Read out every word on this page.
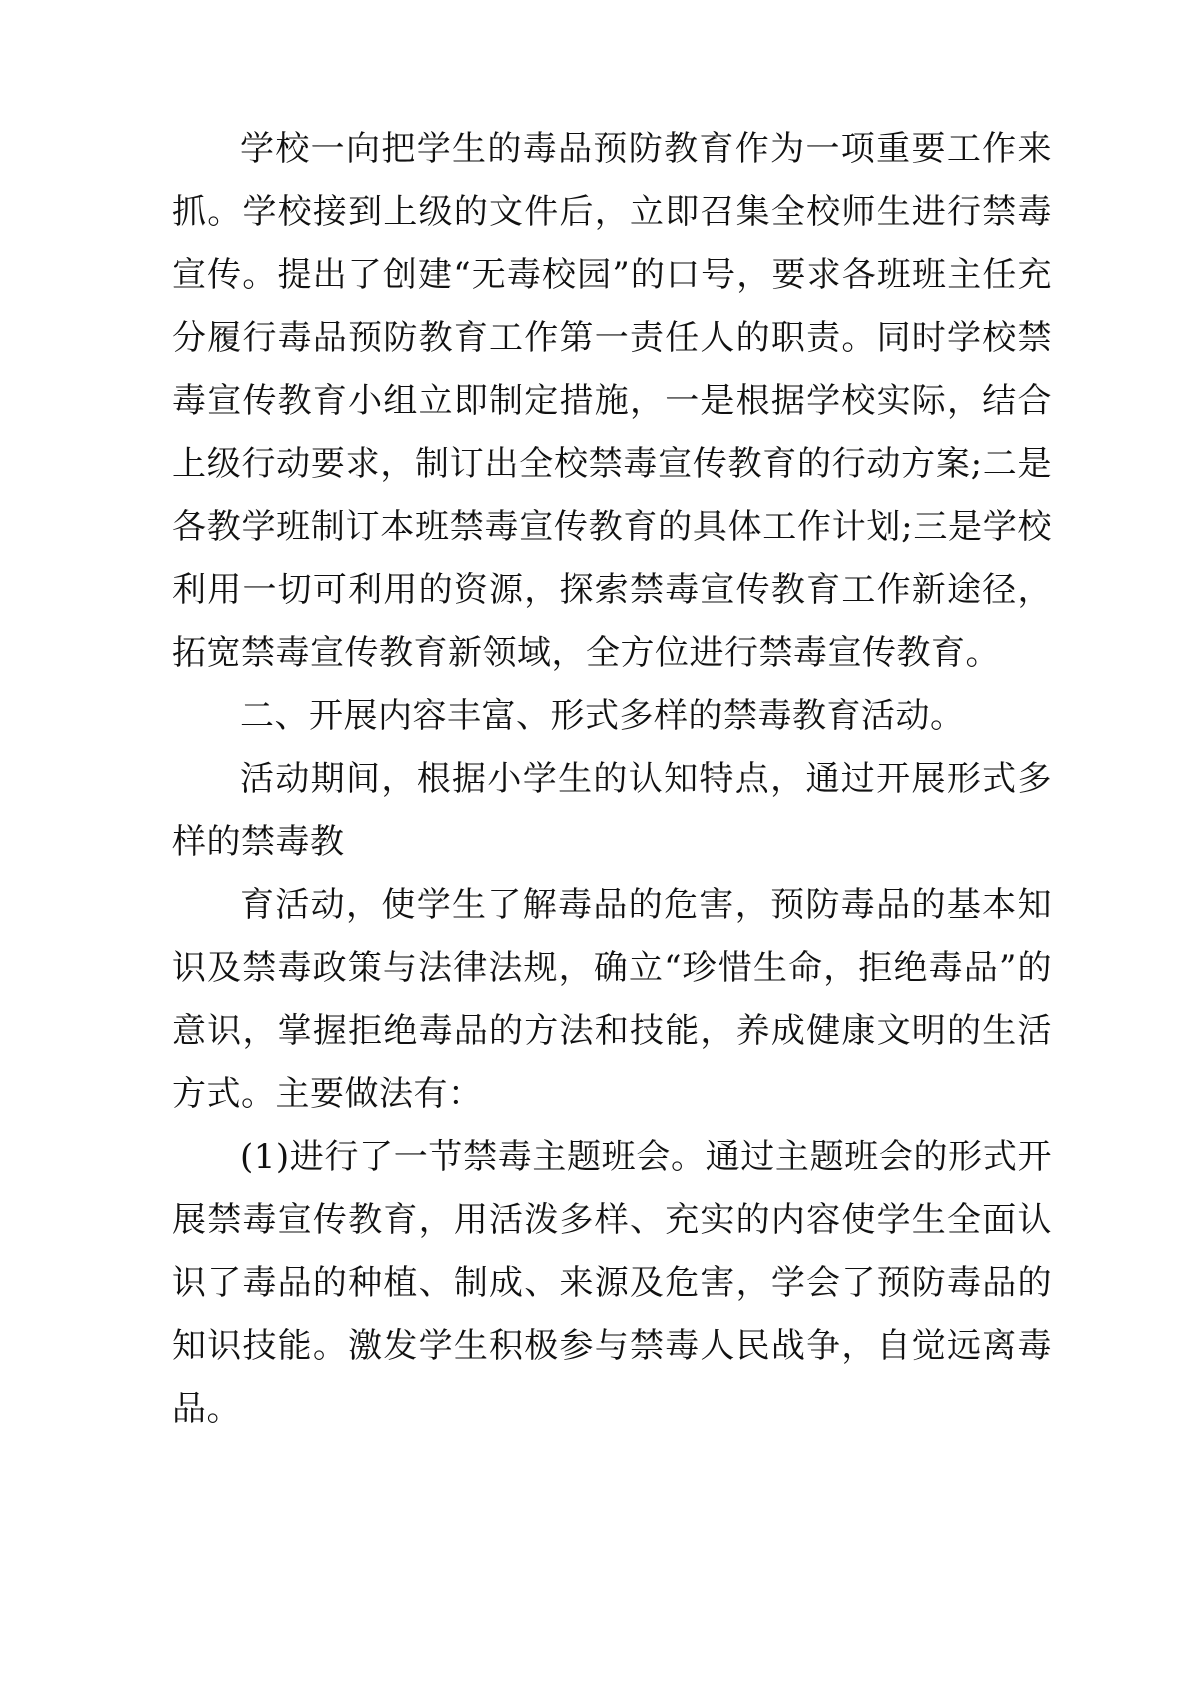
学校一向把学生的毒品预防教育作为一项重要工作来抓。学校接到上级的文件后，立即召集全校师生进行禁毒宣传。提出了创建“无毒校园”的口号，要求各班班主任充分履行毒品预防教育工作第一责任人的职责。同时学校禁毒宣传教育小组立即制定措施，一是根据学校实际，结合上级行动要求，制订出全校禁毒宣传教育的行动方案;二是各教学班制订本班禁毒宣传教育的具体工作计划;三是学校利用一切可利用的资源，探索禁毒宣传教育工作新途径，拓宽禁毒宣传教育新领域，全方位进行禁毒宣传教育。

二、开展内容丰富、形式多样的禁毒教育活动。

活动期间，根据小学生的认知特点，通过开展形式多样的禁毒教

育活动，使学生了解毒品的危害，预防毒品的基本知识及禁毒政策与法律法规，确立“珍惜生命，拒绝毒品”的意识，掌握拒绝毒品的方法和技能，养成健康文明的生活方式。主要做法有：

(1)进行了一节禁毒主题班会。通过主题班会的形式开展禁毒宣传教育，用活泼多样、充实的内容使学生全面认识了毒品的种植、制成、来源及危害，学会了预防毒品的知识技能。激发学生积极参与禁毒人民战争，自觉远离毒品。
